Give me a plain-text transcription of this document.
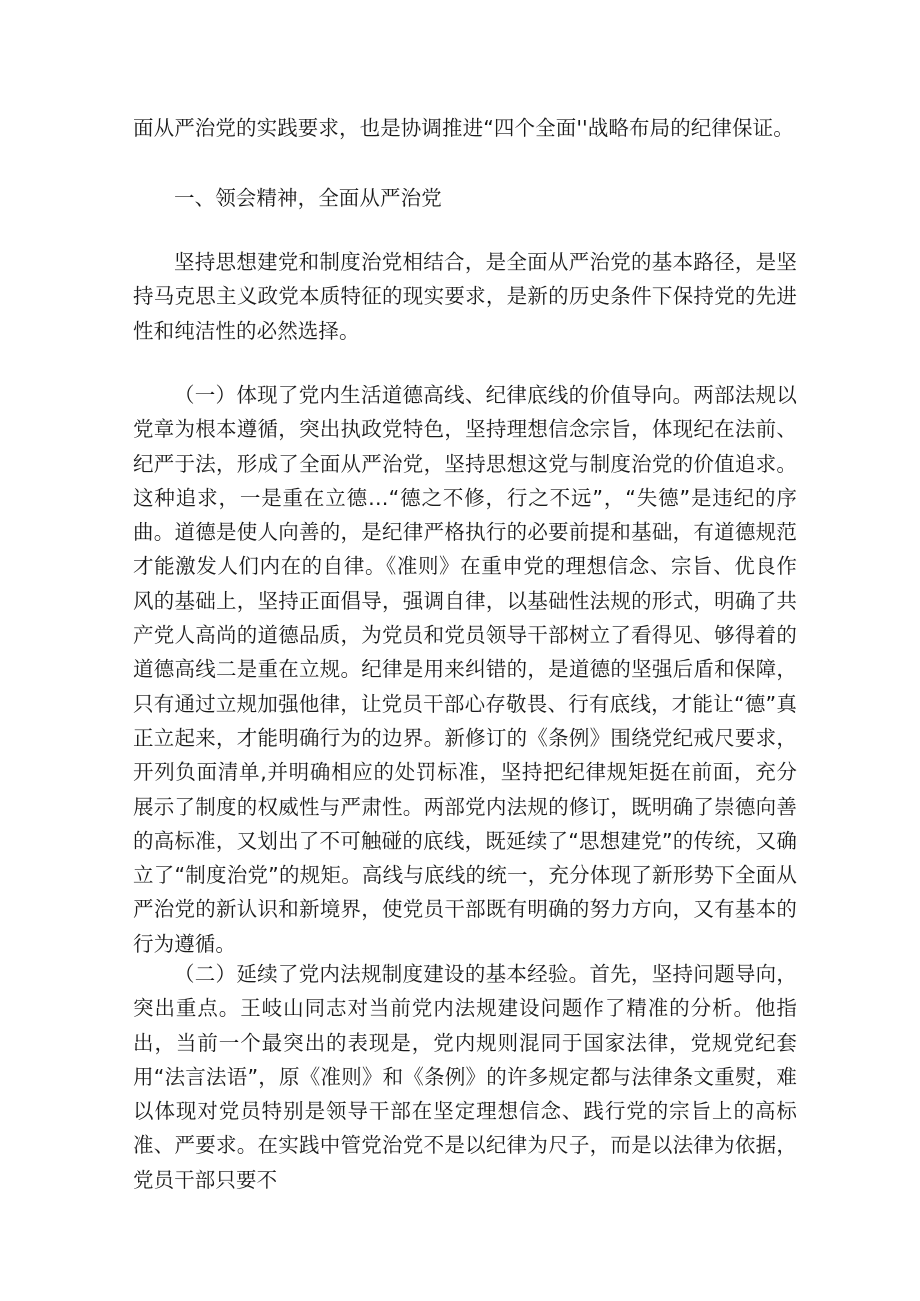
面从严治党的实践要求，也是协调推进“四个全面''战略布局的纪律保证。

一、领会精神，全面从严治党

坚持思想建党和制度治党相结合，是全面从严治党的基本路径，是坚持马克思主义政党本质特征的现实要求，是新的历史条件下保持党的先进性和纯洁性的必然选择。

（一）体现了党内生活道德高线、纪律底线的价值导向。两部法规以党章为根本遵循，突出执政党特色，坚持理想信念宗旨，体现纪在法前、纪严于法，形成了全面从严治党，坚持思想这党与制度治党的价值追求。这种追求，一是重在立德…“德之不修，行之不远”，“失德”是违纪的序曲。道德是使人向善的，是纪律严格执行的必要前提和基础，有道德规范才能激发人们内在的自律。《准则》在重申党的理想信念、宗旨、优良作风的基础上，坚持正面倡导，强调自律，以基础性法规的形式，明确了共产党人高尚的道德品质，为党员和党员领导干部树立了看得见、够得着的道德高线二是重在立规。纪律是用来纠错的，是道德的坚强后盾和保障，只有通过立规加强他律，让党员干部心存敬畏、行有底线，才能让“德”真正立起来，才能明确行为的边界。新修订的《条例》围绕党纪戒尺要求，开列负面清单,并明确相应的处罚标准，坚持把纪律规矩挺在前面，充分展示了制度的权威性与严肃性。两部党内法规的修订，既明确了崇德向善的高标准，又划出了不可触碰的底线，既延续了“思想建党”的传统，又确立了“制度治党”的规矩。高线与底线的统一，充分体现了新形势下全面从严治党的新认识和新境界，使党员干部既有明确的努力方向，又有基本的行为遵循。

（二）延续了党内法规制度建设的基本经验。首先，坚持问题导向，突出重点。王岐山同志对当前党内法规建设问题作了精准的分析。他指出，当前一个最突出的表现是，党内规则混同于国家法律，党规党纪套用“法言法语”，原《准则》和《条例》的许多规定都与法律条文重熨，难以体现对党员特别是领导干部在坚定理想信念、践行党的宗旨上的高标准、严要求。在实践中管党治党不是以纪律为尺子，而是以法律为依据，党员干部只要不
